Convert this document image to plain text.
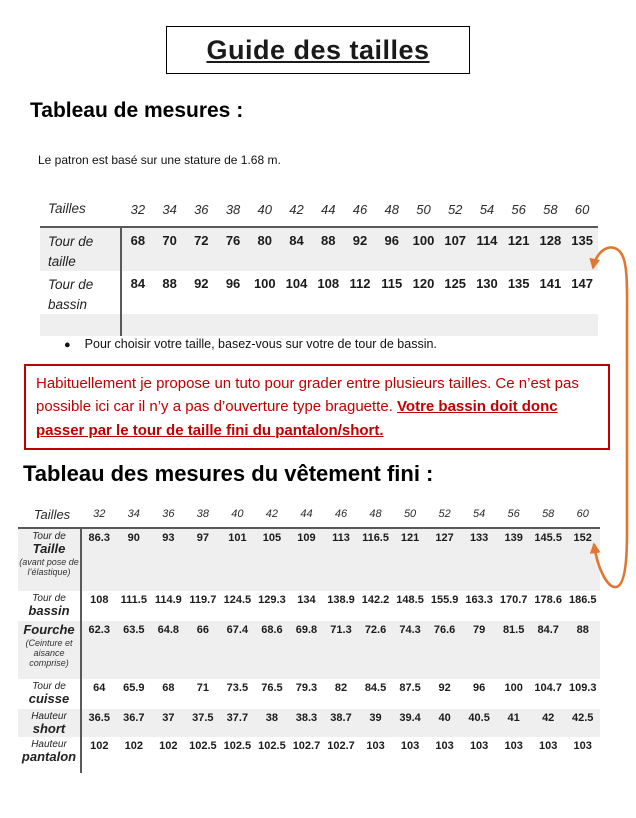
Guide des tailles
Tableau de mesures :
Le patron est basé sur une stature de 1.68 m.
Tailles	32	34	36	38	40	42	44	46	48	50	52	54	56	58	60
Tour de taille
68	70	72	76	80	84	88	92	96	100 107 114 121 128 135
Tour de bassin
84	88	92	96	100 104 108 112 115 120 125 130 135 141 147
● Pour choisir votre taille, basez-vous sur votre de tour de bassin.

Habituellement je propose un tuto pour grader entre plusieurs tailles. Ce n’est pas possible ici car il n’y a pas d’ouverture type braguette. Votre bassin doit donc passer par le tour de taille fini du pantalon/short.

Tableau des mesures du vêtement fini :
Tailles	32	34	36	38	40	42	44	46	48	50	52	54	56	58	60
Tour de
Taille
(avant pose de l’élastique)
86.3	90	93	97	101	105	109	113	116.5	121	127	133	139	145.5	152
Tour de
bassin
108	111.5 114.9 119.7 124.5 129.3	134	138.9 142.2 148.5 155.9 163.3 170.7 178.6 186.5
Fourche
(Ceinture et aisance comprise)
62.3	63.5	64.8	66	67.4	68.6	69.8	71.3	72.6	74.3	76.6	79	81.5	84.7	88
Tour de
cuisse
64	65.9	68	71	73.5	76.5	79.3	82	84.5	87.5	92	96	100	104.7 109.3
Hauteur
short
36.5	36.7	37	37.5	37.7	38	38.3	38.7	39	39.4	40	40.5	41	42	42.5
Hauteur
pantalon
102	102	102	102.5 102.5 102.5 102.7 102.7	103	103	103	103	103	103	103
